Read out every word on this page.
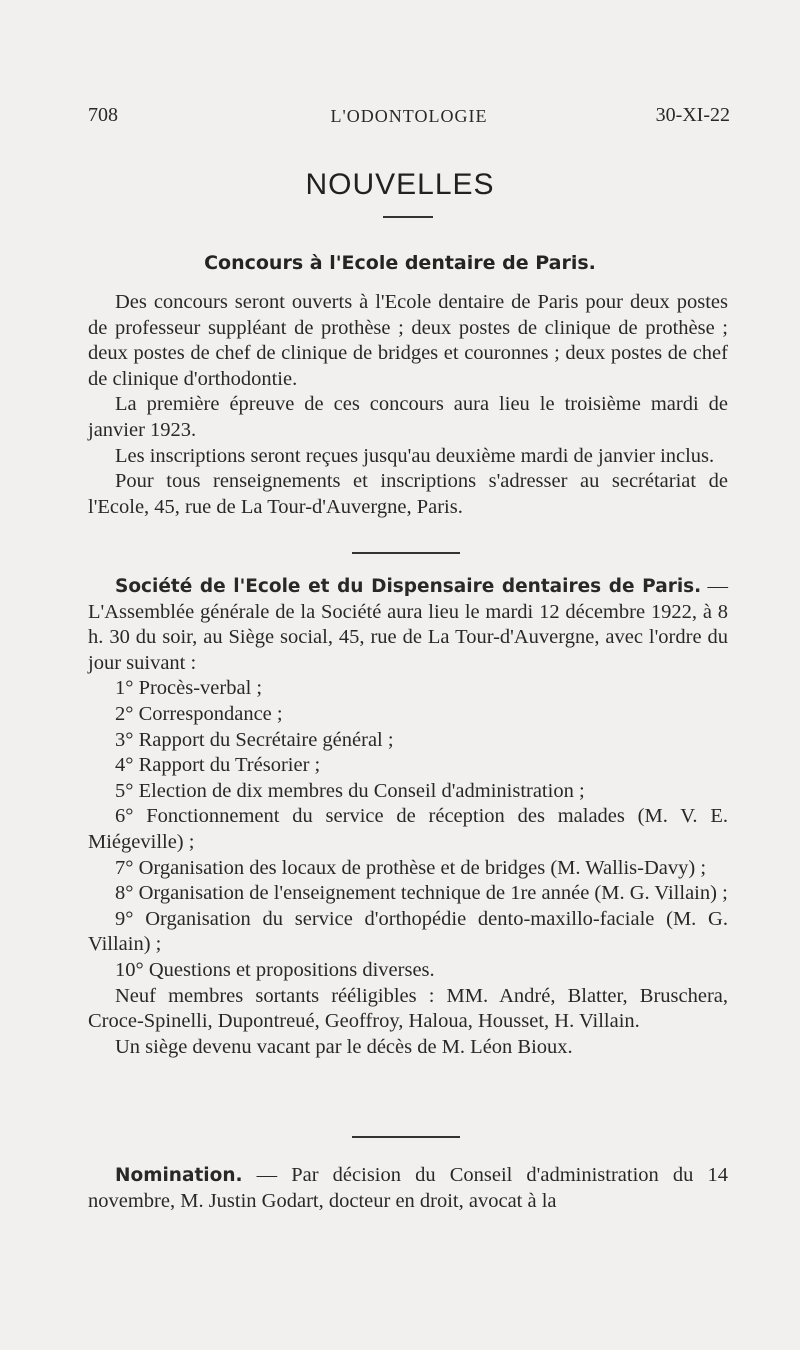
708	L'ODONTOLOGIE	30-XI-22
NOUVELLES
Concours à l'Ecole dentaire de Paris.

Des concours seront ouverts à l'Ecole dentaire de Paris pour deux postes de professeur suppléant de prothèse ; deux postes de clinique de prothèse ; deux postes de chef de clinique de bridges et couronnes ; deux postes de chef de clinique d'orthodontie.

La première épreuve de ces concours aura lieu le troisième mardi de janvier 1923.

Les inscriptions seront reçues jusqu'au deuxième mardi de janvier inclus.

Pour tous renseignements et inscriptions s'adresser au secrétariat de l'Ecole, 45, rue de La Tour-d'Auvergne, Paris.

Société de l'Ecole et du Dispensaire dentaires de Paris. — L'Assemblée générale de la Société aura lieu le mardi 12 décembre 1922, à 8 h. 30 du soir, au Siège social, 45, rue de La Tour-d'Auvergne, avec l'ordre du jour suivant :

1° Procès-verbal ;

2° Correspondance ;

3° Rapport du Secrétaire général ;

4° Rapport du Trésorier ;

5° Election de dix membres du Conseil d'administration ;

6° Fonctionnement du service de réception des malades (M. V. E. Miégeville) ;

7° Organisation des locaux de prothèse et de bridges (M. Wallis-Davy) ;

8° Organisation de l'enseignement technique de 1re année (M. G. Villain) ;

9° Organisation du service d'orthopédie dento-maxillo-faciale (M. G. Villain) ;

10° Questions et propositions diverses.

Neuf membres sortants rééligibles : MM. André, Blatter, Bruschera, Croce-Spinelli, Dupontreué, Geoffroy, Haloua, Housset, H. Villain.

Un siège devenu vacant par le décès de M. Léon Bioux.

Nomination. — Par décision du Conseil d'administration du 14 novembre, M. Justin Godart, docteur en droit, avocat à la
